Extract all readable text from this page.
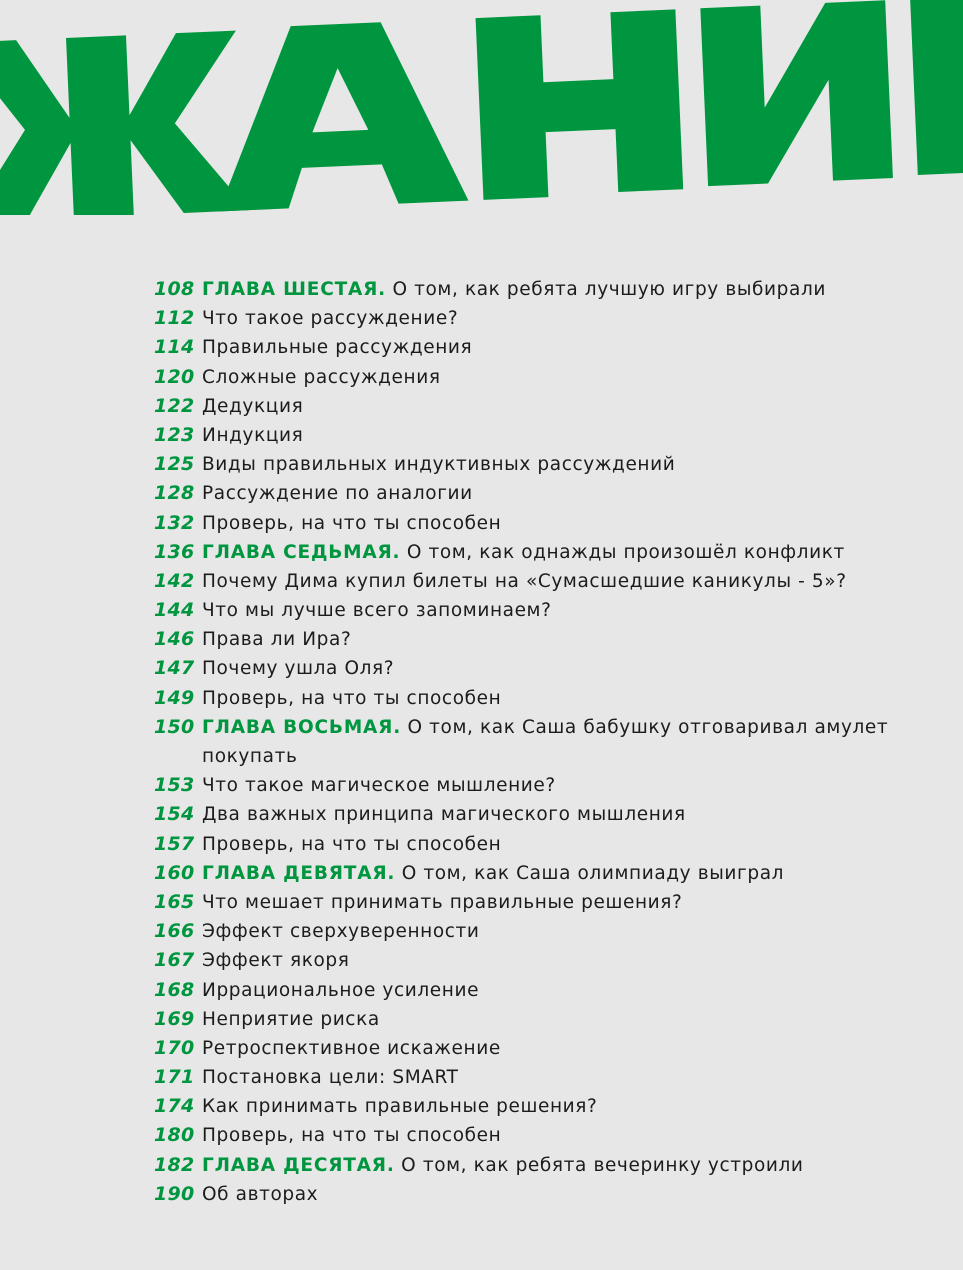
108 ГЛАВА ШЕСТАЯ. О том, как ребята лучшую игру выбирали
112 Что такое рассуждение?
114 Правильные рассуждения
120 Сложные рассуждения
122 Дедукция
123 Индукция
125 Виды правильных индуктивных рассуждений
128 Рассуждение по аналогии
132 Проверь, на что ты способен
136 ГЛАВА СЕДЬМАЯ. О том, как однажды произошёл конфликт
142 Почему Дима купил билеты на «Сумасшедшие каникулы - 5»?
144 Что мы лучше всего запоминаем?
146 Права ли Ира?
147 Почему ушла Оля?
149 Проверь, на что ты способен
150 ГЛАВА ВОСЬМАЯ. О том, как Саша бабушку отговаривал амулет покупать
153 Что такое магическое мышление?
154 Два важных принципа магического мышления
157 Проверь, на что ты способен
160 ГЛАВА ДЕВЯТАЯ. О том, как Саша олимпиаду выиграл
165 Что мешает принимать правильные решения?
166 Эффект сверхуверенности
167 Эффект якоря
168 Иррациональное усиление
169 Неприятие риска
170 Ретроспективное искажение
171 Постановка цели: SMART
174 Как принимать правильные решения?
180 Проверь, на что ты способен
182 ГЛАВА ДЕСЯТАЯ. О том, как ребята вечеринку устроили
190 Об авторах
